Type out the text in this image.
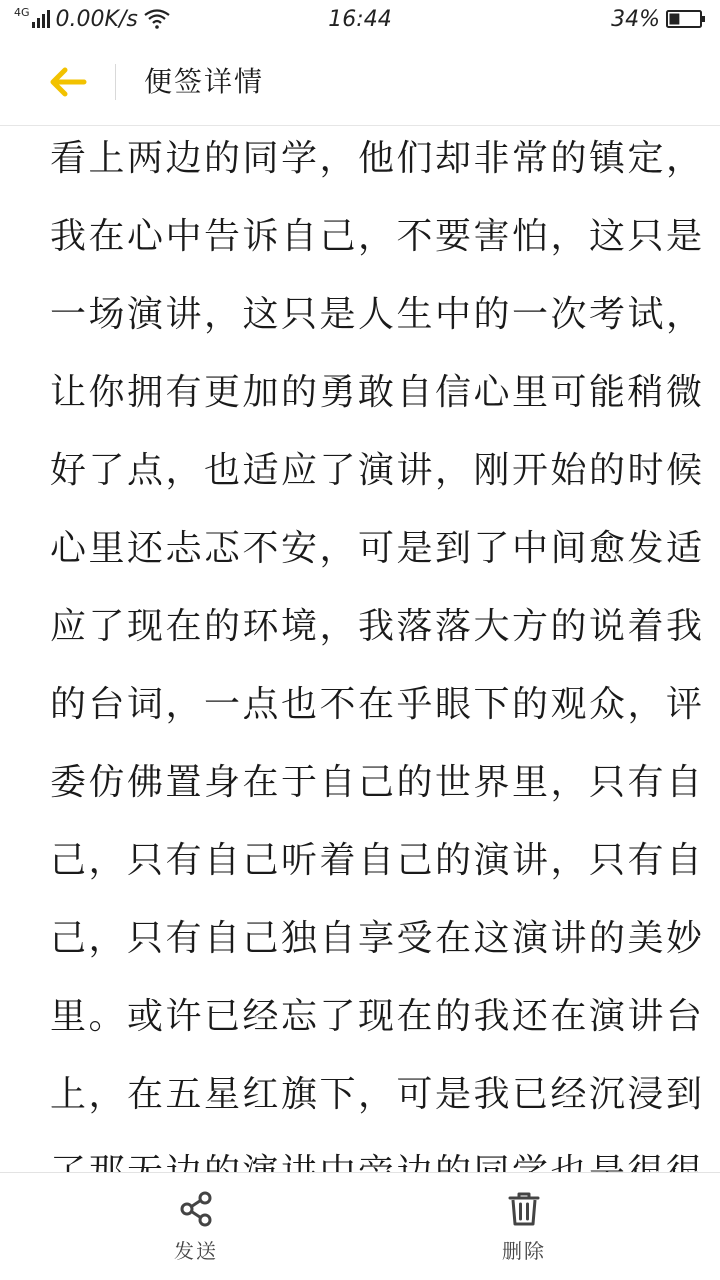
4G 0.00K/s	16:44	34%
便签详情
看上两边的同学，他们却非常的镇定，
我在心中告诉自己，不要害怕，这只是
一场演讲，这只是人生中的一次考试，
让你拥有更加的勇敢自信心里可能稍微
好了点，也适应了演讲，刚开始的时候
心里还忐忑不安，可是到了中间愈发适
应了现在的环境，我落落大方的说着我
的台词，一点也不在乎眼下的观众，评
委仿佛置身在于自己的世界里，只有自
己，只有自己听着自己的演讲，只有自
己，只有自己独自享受在这演讲的美妙
里。或许已经忘了现在的我还在演讲台
上，在五星红旗下，可是我已经沉浸到
发送	删除
